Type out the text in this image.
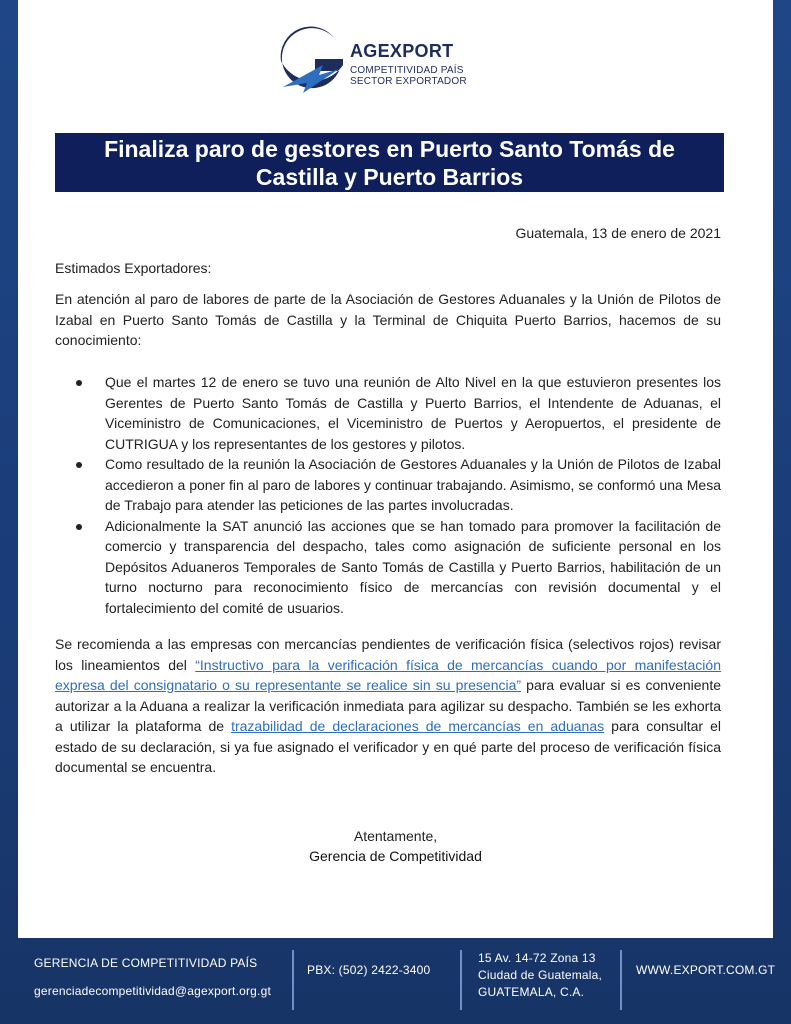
AGEXPORT
COMPETITIVIDAD PAÍS
SECTOR EXPORTADOR
Finaliza paro de gestores en Puerto Santo Tomás de
Castilla y Puerto Barrios
Guatemala, 13 de enero de 2021
Estimados Exportadores:
En atención al paro de labores de parte de la Asociación de Gestores Aduanales y la Unión de Pilotos de Izabal en Puerto Santo Tomás de Castilla y la Terminal de Chiquita Puerto Barrios, hacemos de su conocimiento:
Que el martes 12 de enero se tuvo una reunión de Alto Nivel en la que estuvieron presentes los Gerentes de Puerto Santo Tomás de Castilla y Puerto Barrios, el Intendente de Aduanas, el Viceministro de Comunicaciones, el Viceministro de Puertos y Aeropuertos, el presidente de CUTRIGUA y los representantes de los gestores y pilotos.
Como resultado de la reunión la Asociación de Gestores Aduanales y la Unión de Pilotos de Izabal accedieron a poner fin al paro de labores y continuar trabajando. Asimismo, se conformó una Mesa de Trabajo para atender las peticiones de las partes involucradas.
Adicionalmente la SAT anunció las acciones que se han tomado para promover la facilitación de comercio y transparencia del despacho, tales como asignación de suficiente personal en los Depósitos Aduaneros Temporales de Santo Tomás de Castilla y Puerto Barrios, habilitación de un turno nocturno para reconocimiento físico de mercancías con revisión documental y el fortalecimiento del comité de usuarios.
Se recomienda a las empresas con mercancías pendientes de verificación física (selectivos rojos) revisar los lineamientos del “Instructivo para la verificación física de mercancías cuando por manifestación expresa del consignatario o su representante se realice sin su presencia” para evaluar si es conveniente autorizar a la Aduana a realizar la verificación inmediata para agilizar su despacho. También se les exhorta a utilizar la plataforma de trazabilidad de declaraciones de mercancías en aduanas para consultar el estado de su declaración, si ya fue asignado el verificador y en qué parte del proceso de verificación física documental se encuentra.
Atentamente,
Gerencia de Competitividad
GERENCIA DE COMPETITIVIDAD PAÍS
gerenciadecompetitividad@agexport.org.gt
PBX: (502) 2422-3400
15 Av. 14-72 Zona 13
Ciudad de Guatemala,
GUATEMALA, C.A.
WWW.EXPORT.COM.GT
